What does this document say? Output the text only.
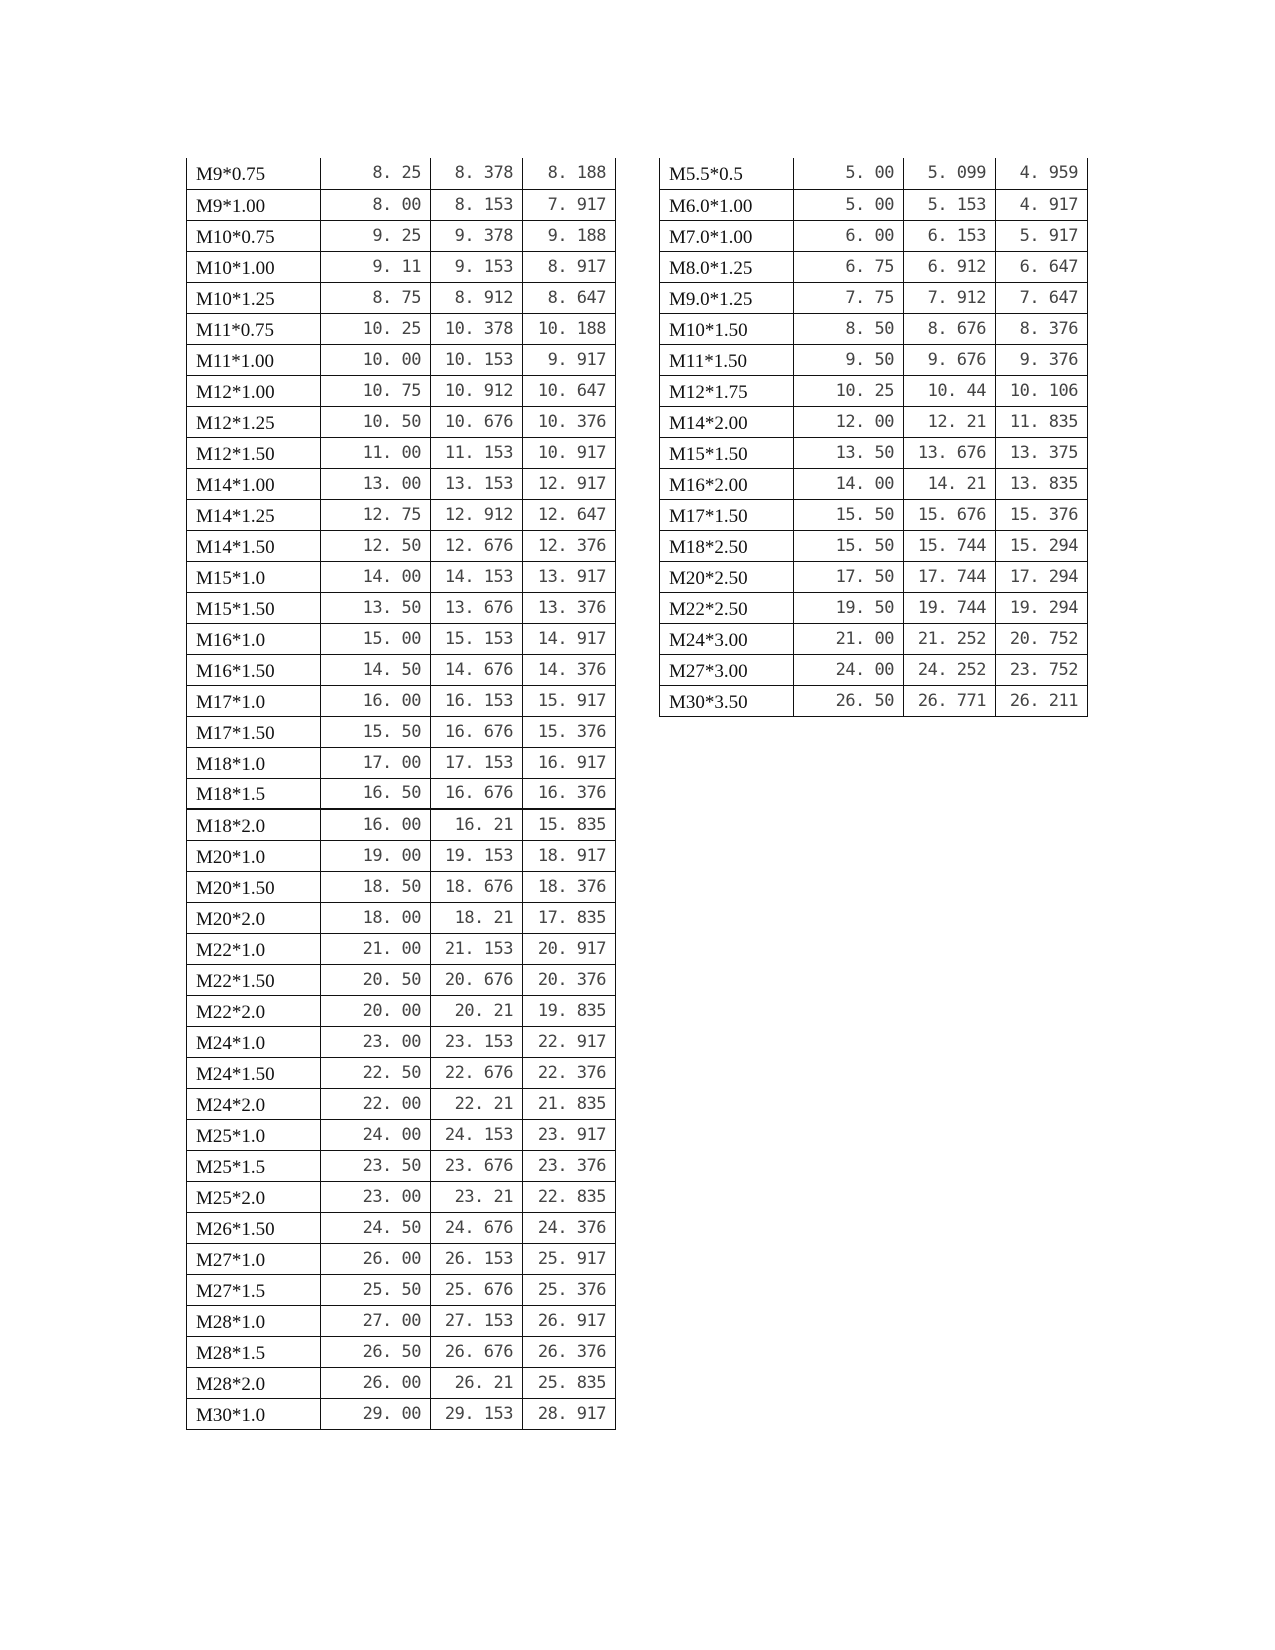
M9*0.75	8. 25	8. 378	8. 188
M9*1.00	8. 00	8. 153	7. 917
M10*0.75	9. 25	9. 378	9. 188
M10*1.00	9. 11	9. 153	8. 917
M10*1.25	8. 75	8. 912	8. 647
M11*0.75	10. 25	10. 378	10. 188
M11*1.00	10. 00	10. 153	9. 917
M12*1.00	10. 75	10. 912	10. 647
M12*1.25	10. 50	10. 676	10. 376
M12*1.50	11. 00	11. 153	10. 917
M14*1.00	13. 00	13. 153	12. 917
M14*1.25	12. 75	12. 912	12. 647
M14*1.50	12. 50	12. 676	12. 376
M15*1.0	14. 00	14. 153	13. 917
M15*1.50	13. 50	13. 676	13. 376
M16*1.0	15. 00	15. 153	14. 917
M16*1.50	14. 50	14. 676	14. 376
M17*1.0	16. 00	16. 153	15. 917
M17*1.50	15. 50	16. 676	15. 376
M18*1.0	17. 00	17. 153	16. 917
M18*1.5	16. 50	16. 676	16. 376
M18*2.0	16. 00	16. 21	15. 835
M20*1.0	19. 00	19. 153	18. 917
M20*1.50	18. 50	18. 676	18. 376
M20*2.0	18. 00	18. 21	17. 835
M22*1.0	21. 00	21. 153	20. 917
M22*1.50	20. 50	20. 676	20. 376
M22*2.0	20. 00	20. 21	19. 835
M24*1.0	23. 00	23. 153	22. 917
M24*1.50	22. 50	22. 676	22. 376
M24*2.0	22. 00	22. 21	21. 835
M25*1.0	24. 00	24. 153	23. 917
M25*1.5	23. 50	23. 676	23. 376
M25*2.0	23. 00	23. 21	22. 835
M26*1.50	24. 50	24. 676	24. 376
M27*1.0	26. 00	26. 153	25. 917
M27*1.5	25. 50	25. 676	25. 376
M28*1.0	27. 00	27. 153	26. 917
M28*1.5	26. 50	26. 676	26. 376
M28*2.0	26. 00	26. 21	25. 835
M30*1.0	29. 00	29. 153	28. 917
M5.5*0.5	5. 00	5. 099	4. 959
M6.0*1.00	5. 00	5. 153	4. 917
M7.0*1.00	6. 00	6. 153	5. 917
M8.0*1.25	6. 75	6. 912	6. 647
M9.0*1.25	7. 75	7. 912	7. 647
M10*1.50	8. 50	8. 676	8. 376
M11*1.50	9. 50	9. 676	9. 376
M12*1.75	10. 25	10. 44	10. 106
M14*2.00	12. 00	12. 21	11. 835
M15*1.50	13. 50	13. 676	13. 375
M16*2.00	14. 00	14. 21	13. 835
M17*1.50	15. 50	15. 676	15. 376
M18*2.50	15. 50	15. 744	15. 294
M20*2.50	17. 50	17. 744	17. 294
M22*2.50	19. 50	19. 744	19. 294
M24*3.00	21. 00	21. 252	20. 752
M27*3.00	24. 00	24. 252	23. 752
M30*3.50	26. 50	26. 771	26. 211
